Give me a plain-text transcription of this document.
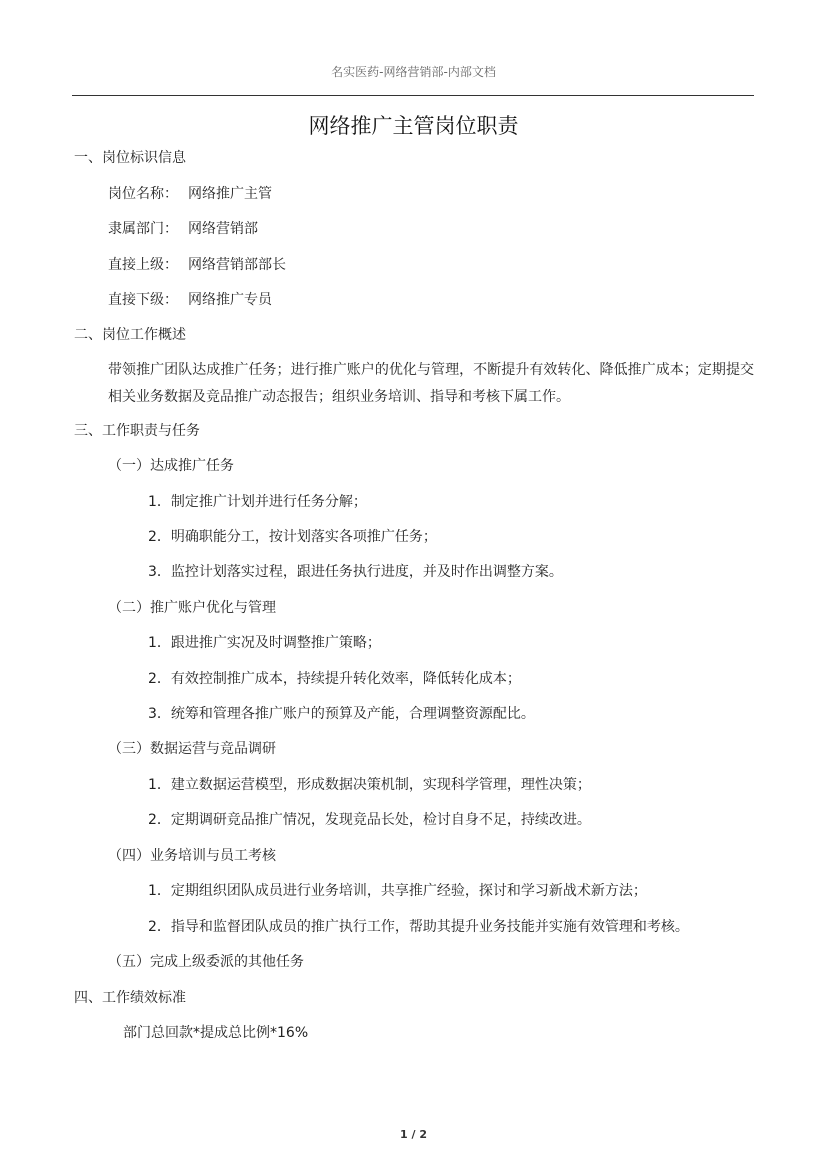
名实医药-网络营销部-内部文档
网络推广主管岗位职责
一、岗位标识信息
岗位名称： 网络推广主管
隶属部门： 网络营销部
直接上级： 网络营销部部长
直接下级： 网络推广专员
二、岗位工作概述
带领推广团队达成推广任务；进行推广账户的优化与管理，不断提升有效转化、降低推广成本；定期提交相关业务数据及竞品推广动态报告；组织业务培训、指导和考核下属工作。
三、工作职责与任务
（一）达成推广任务
1．制定推广计划并进行任务分解；
2．明确职能分工，按计划落实各项推广任务；
3．监控计划落实过程，跟进任务执行进度，并及时作出调整方案。
（二）推广账户优化与管理
1．跟进推广实况及时调整推广策略；
2．有效控制推广成本，持续提升转化效率，降低转化成本；
3．统筹和管理各推广账户的预算及产能，合理调整资源配比。
（三）数据运营与竞品调研
1．建立数据运营模型，形成数据决策机制，实现科学管理，理性决策；
2．定期调研竞品推广情况，发现竞品长处，检讨自身不足，持续改进。
（四）业务培训与员工考核
1．定期组织团队成员进行业务培训，共享推广经验，探讨和学习新战术新方法；
2．指导和监督团队成员的推广执行工作，帮助其提升业务技能并实施有效管理和考核。
（五）完成上级委派的其他任务
四、工作绩效标准
部门总回款*提成总比例*16%
1 / 2
